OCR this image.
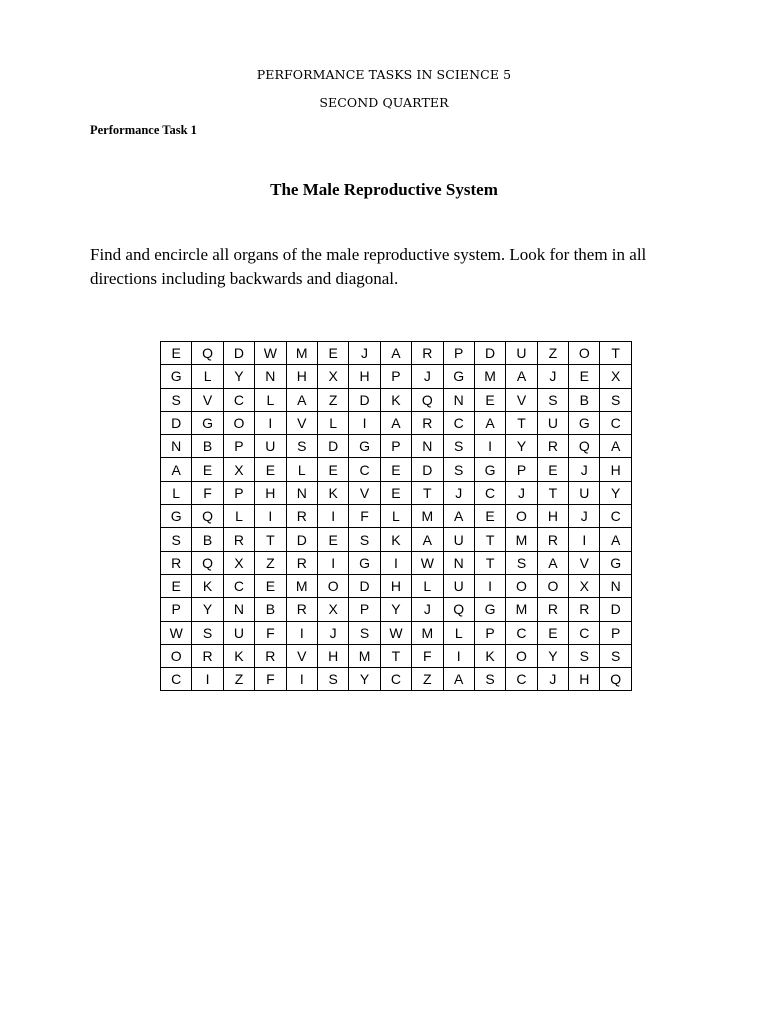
PERFORMANCE TASKS IN SCIENCE 5
SECOND QUARTER
Performance Task 1
The Male Reproductive System
Find and encircle all organs of the male reproductive system. Look for them in all directions including backwards and diagonal.
E	Q	D	W	M	E	J	A	R	P	D	U	Z	O	T
G	L	Y	N	H	X	H	P	J	G	M	A	J	E	X
S	V	C	L	A	Z	D	K	Q	N	E	V	S	B	S
D	G	O	I	V	L	I	A	R	C	A	T	U	G	C
N	B	P	U	S	D	G	P	N	S	I	Y	R	Q	A
A	E	X	E	L	E	C	E	D	S	G	P	E	J	H
L	F	P	H	N	K	V	E	T	J	C	J	T	U	Y
G	Q	L	I	R	I	F	L	M	A	E	O	H	J	C
S	B	R	T	D	E	S	K	A	U	T	M	R	I	A
R	Q	X	Z	R	I	G	I	W	N	T	S	A	V	G
E	K	C	E	M	O	D	H	L	U	I	O	O	X	N
P	Y	N	B	R	X	P	Y	J	Q	G	M	R	R	D
W	S	U	F	I	J	S	W	M	L	P	C	E	C	P
O	R	K	R	V	H	M	T	F	I	K	O	Y	S	S
C	I	Z	F	I	S	Y	C	Z	A	S	C	J	H	Q
